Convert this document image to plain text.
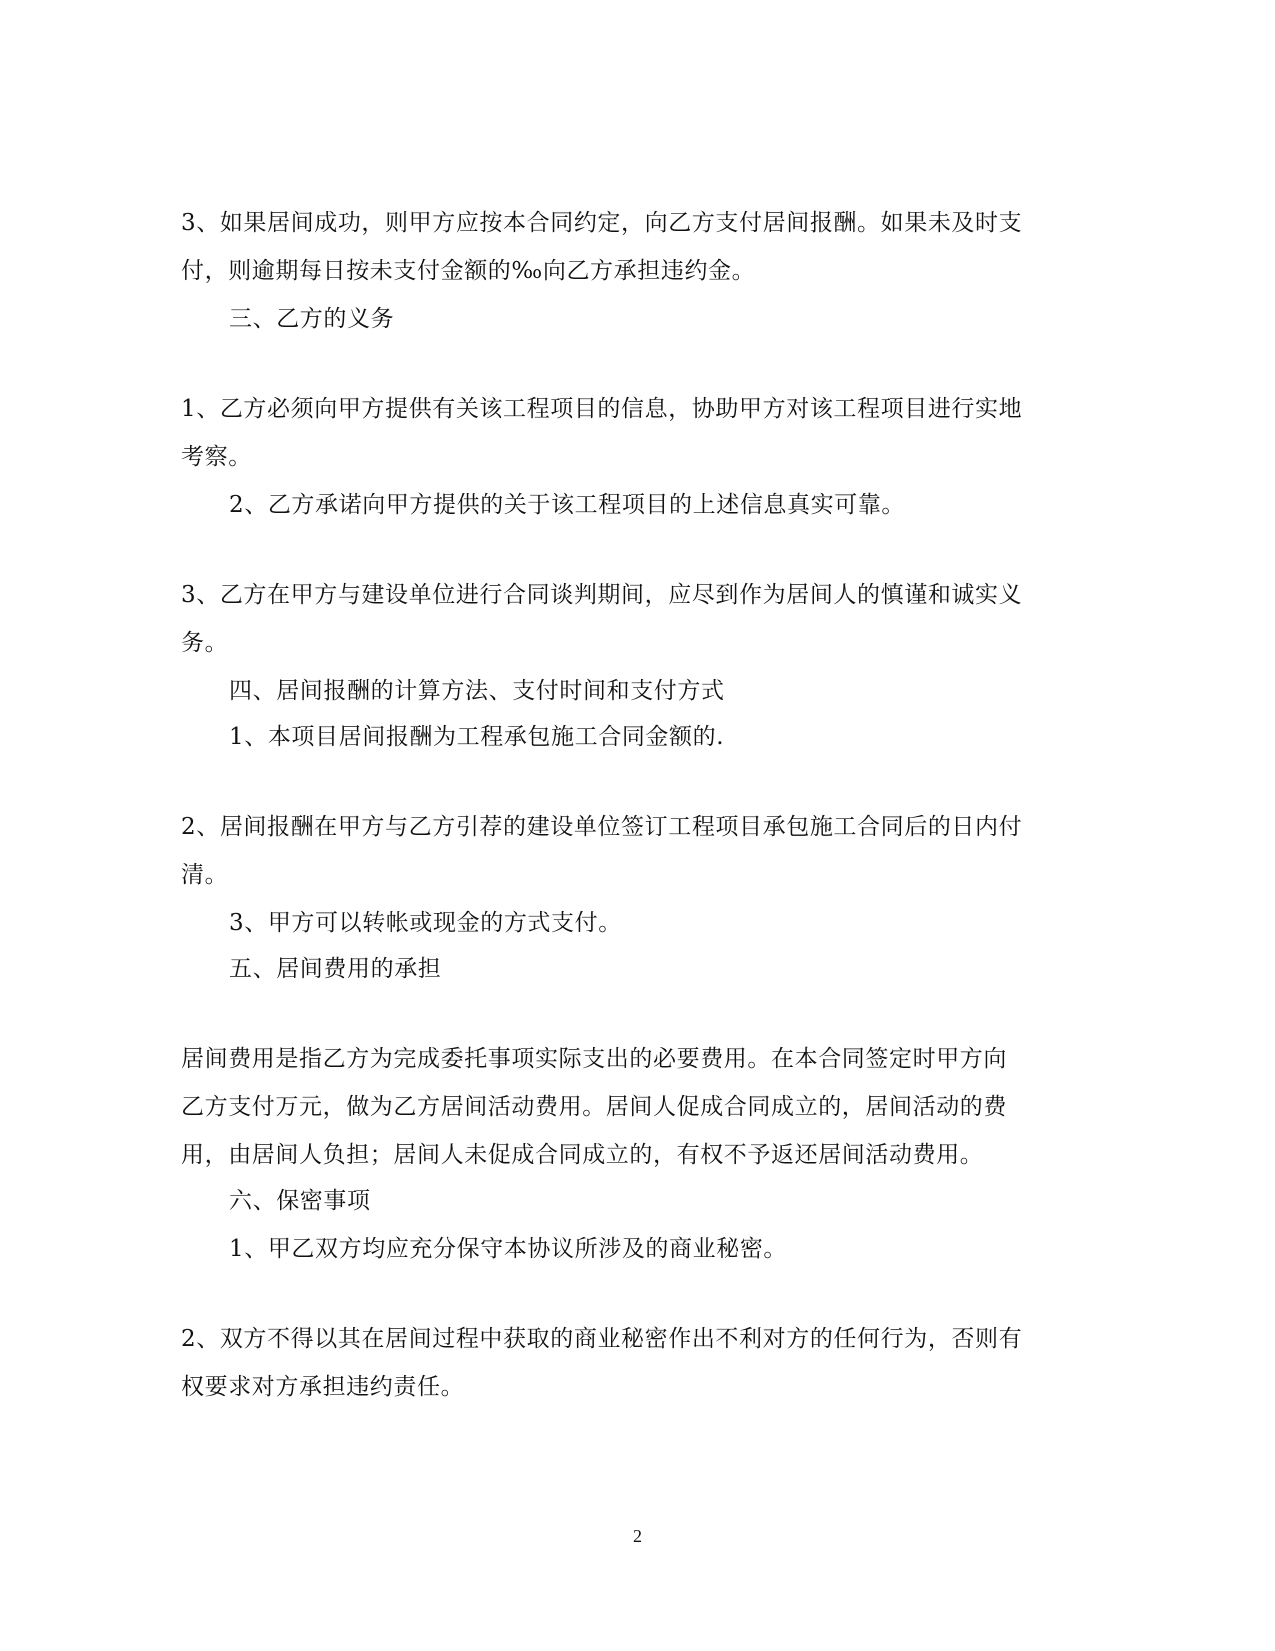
3、如果居间成功，则甲方应按本合同约定，向乙方支付居间报酬。如果未及时支
付，则逾期每日按未支付金额的‰向乙方承担违约金。
三、乙方的义务
1、乙方必须向甲方提供有关该工程项目的信息，协助甲方对该工程项目进行实地
考察。
2、乙方承诺向甲方提供的关于该工程项目的上述信息真实可靠。
3、乙方在甲方与建设单位进行合同谈判期间，应尽到作为居间人的慎谨和诚实义
务。
四、居间报酬的计算方法、支付时间和支付方式
1、本项目居间报酬为工程承包施工合同金额的.
2、居间报酬在甲方与乙方引荐的建设单位签订工程项目承包施工合同后的日内付
清。
3、甲方可以转帐或现金的方式支付。
五、居间费用的承担
居间费用是指乙方为完成委托事项实际支出的必要费用。在本合同签定时甲方向
乙方支付万元，做为乙方居间活动费用。居间人促成合同成立的，居间活动的费
用，由居间人负担；居间人未促成合同成立的，有权不予返还居间活动费用。
六、保密事项
1、甲乙双方均应充分保守本协议所涉及的商业秘密。
2、双方不得以其在居间过程中获取的商业秘密作出不利对方的任何行为，否则有
权要求对方承担违约责任。
2
